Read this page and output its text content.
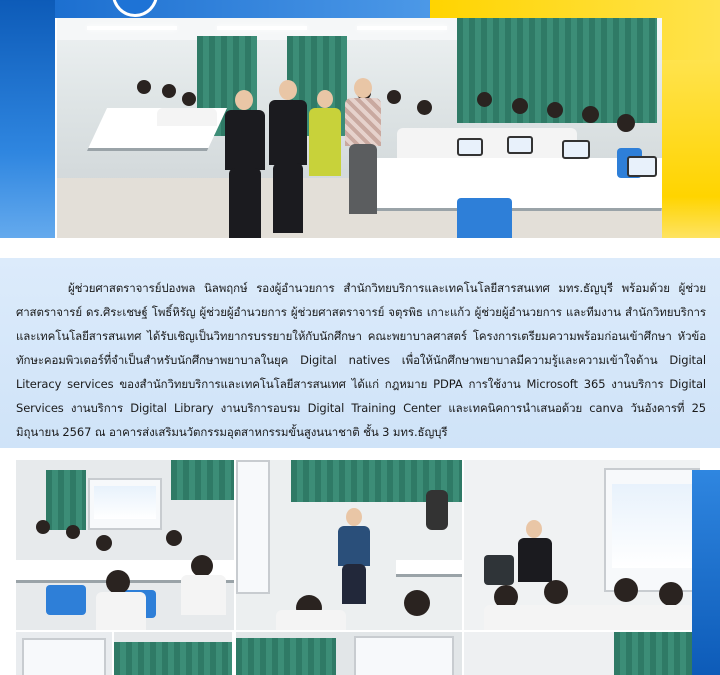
ผู้ช่วยศาสตราจารย์ปองพล นิลพฤกษ์ รองผู้อำนวยการ สำนักวิทยบริการและเทคโนโลยีสารสนเทศ มทร.ธัญบุรี พร้อมด้วย ผู้ช่วยศาสตราจารย์ ดร.ศิระเชษฐ์ โพธิ์หิรัญ ผู้ช่วยผู้อำนวยการ ผู้ช่วยศาสตราจารย์ จตุรพิธ เกาะแก้ว ผู้ช่วยผู้อำนวยการ และทีมงาน สำนักวิทยบริการและเทคโนโลยีสารสนเทศ ได้รับเชิญเป็นวิทยากรบรรยายให้กับนักศึกษา คณะพยาบาลศาสตร์ โครงการเตรียมความพร้อมก่อนเข้าศึกษา หัวข้อทักษะคอมพิวเตอร์ที่จำเป็นสำหรับนักศึกษาพยาบาลในยุค Digital natives เพื่อให้นักศึกษาพยาบาลมีความรู้และความเข้าใจด้าน Digital Literacy services ของสำนักวิทยบริการและเทคโนโลยีสารสนเทศ ได้แก่ กฎหมาย PDPA การใช้งาน Microsoft 365 งานบริการ Digital Services งานบริการ Digital Library งานบริการอบรม Digital Training Center และเทคนิคการนำเสนอด้วย canva วันอังคารที่ 25 มิถุนายน 2567 ณ อาคารส่งเสริมนวัตกรรมอุตสาหกรรมขั้นสูงนนาชาติ ชั้น 3 มทร.ธัญบุรี
